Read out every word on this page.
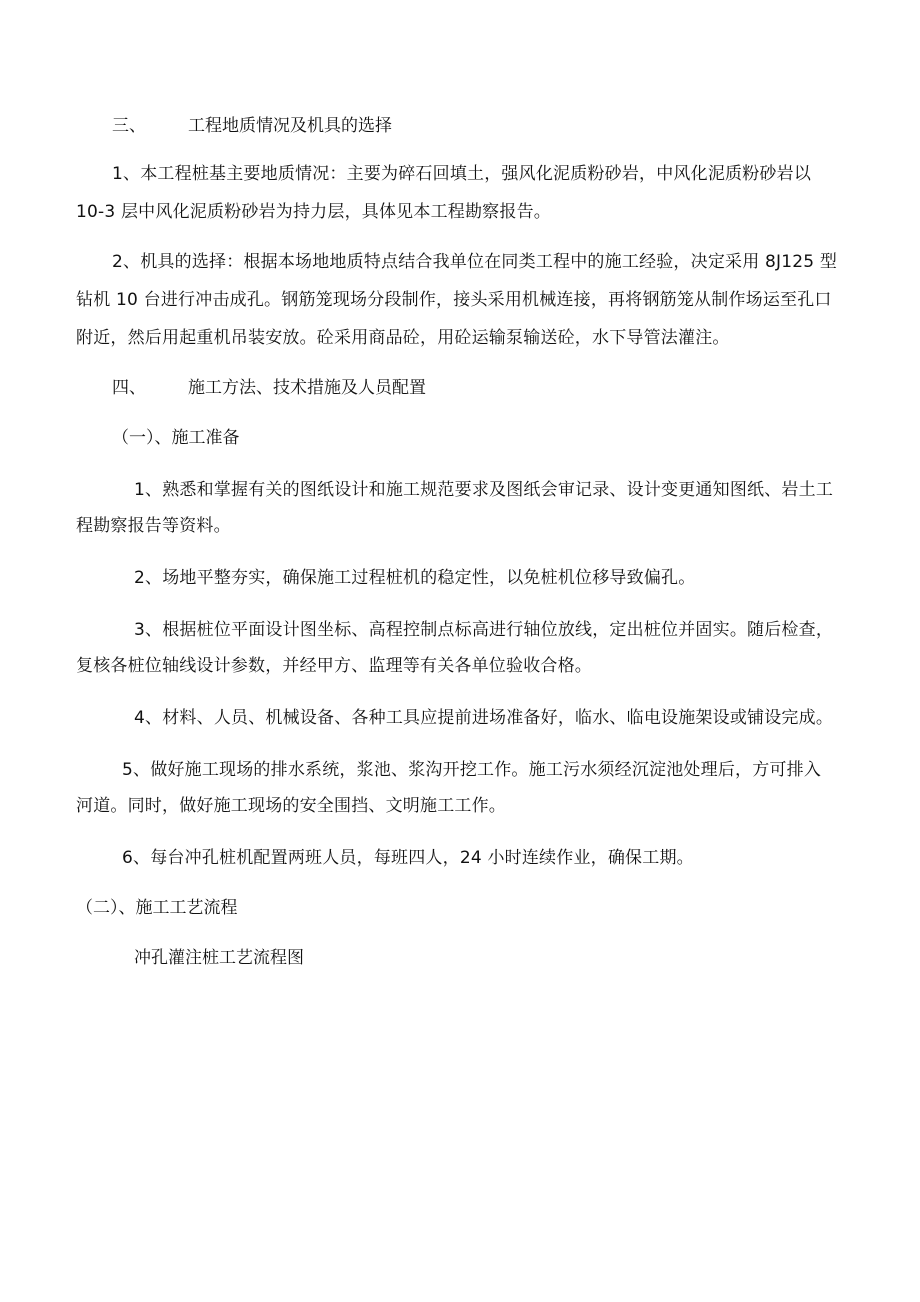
三、 工程地质情况及机具的选择
1、本工程桩基主要地质情况：主要为碎石回填土，强风化泥质粉砂岩，中风化泥质粉砂岩以
10-3 层中风化泥质粉砂岩为持力层，具体见本工程勘察报告。
2、机具的选择：根据本场地地质特点结合我单位在同类工程中的施工经验，决定采用 8J125 型
钻机 10 台进行冲击成孔。钢筋笼现场分段制作，接头采用机械连接，再将钢筋笼从制作场运至孔口
附近，然后用起重机吊装安放。砼采用商品砼，用砼运输泵输送砼，水下导管法灌注。
四、 施工方法、技术措施及人员配置
（一）、施工准备
1、熟悉和掌握有关的图纸设计和施工规范要求及图纸会审记录、设计变更通知图纸、岩土工
程勘察报告等资料。
2、场地平整夯实，确保施工过程桩机的稳定性，以免桩机位移导致偏孔。
3、根据桩位平面设计图坐标、高程控制点标高进行轴位放线，定出桩位并固实。随后检查，
复核各桩位轴线设计参数，并经甲方、监理等有关各单位验收合格。
4、材料、人员、机械设备、各种工具应提前进场准备好，临水、临电设施架设或铺设完成。
5、做好施工现场的排水系统，浆池、浆沟开挖工作。施工污水须经沉淀池处理后，方可排入
河道。同时，做好施工现场的安全围挡、文明施工工作。
6、每台冲孔桩机配置两班人员，每班四人，24 小时连续作业，确保工期。
（二）、施工工艺流程
冲孔灌注桩工艺流程图
